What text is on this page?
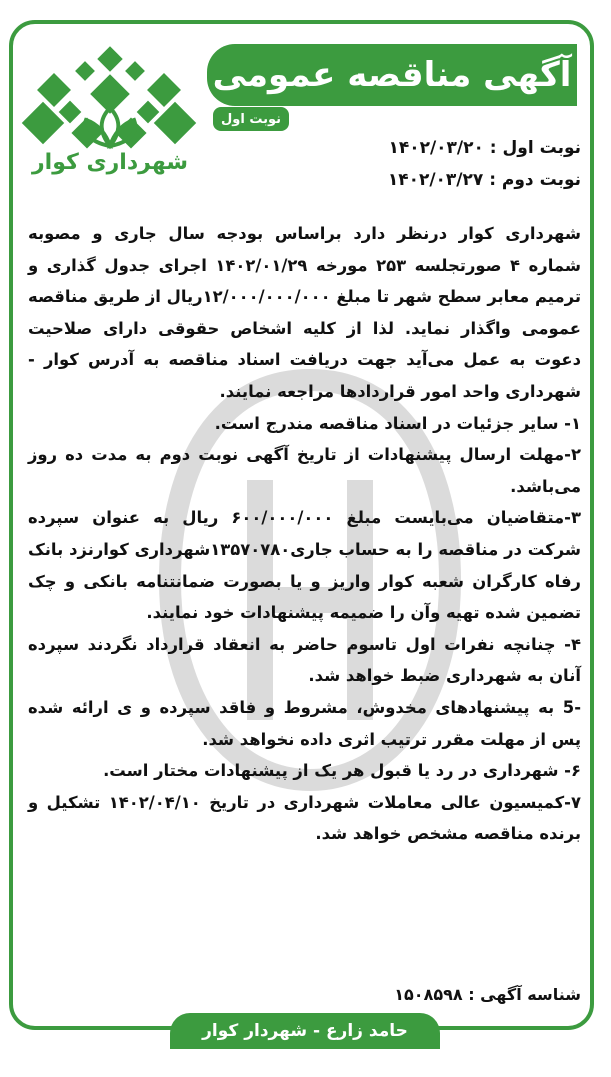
شهرداری کوار
آگهی مناقصه عمومی
نوبت اول
نوبت اول : ۱۴۰۲/۰۳/۲۰
نوبت دوم : ۱۴۰۲/۰۳/۲۷

شهرداری کوار درنظر دارد براساس بودجه سال جاری و مصوبه شماره ۴ صورتجلسه ۲۵۳ مورخه ۱۴۰۲/۰۱/۲۹ اجرای جدول گذاری و ترمیم معابر سطح شهر تا مبلغ ۱۲/۰۰۰/۰۰۰/۰۰۰ریال از طریق مناقصه عمومی واگذار نماید. لذا از کلیه اشخاص حقوقی دارای صلاحیت دعوت به عمل می‌آید جهت دریافت اسناد مناقصه به آدرس کوار - شهرداری واحد امور قراردادها مراجعه نمایند.

۱- سایر جزئیات در اسناد مناقصه مندرج است.

۲-مهلت ارسال پیشنهادات از تاریخ آگهی نوبت دوم به مدت ده روز می‌باشد.

۳-متقاضیان می‌بایست مبلغ ۶۰۰/۰۰۰/۰۰۰ ریال به عنوان سپرده شرکت در مناقصه را به حساب جاری۱۳۵۷۰۷۸۰شهرداری کوارنزد بانک رفاه کارگران شعبه کوار واریز و یا بصورت ضمانتنامه بانکی و چک تضمین شده تهیه وآن را ضمیمه پیشنهادات خود نمایند.

۴- چنانچه نفرات اول تاسوم حاضر به انعقاد قرارداد نگردند سپرده آنان به شهرداری ضبط خواهد شد.

-5 به پیشنهادهای مخدوش، مشروط و فاقد سپرده و ی ارائه شده پس از مهلت مقرر ترتیب اثری داده نخواهد شد.

۶- شهرداری در رد یا قبول هر یک از پیشنهادات مختار است.

۷-کمیسیون عالی معاملات شهرداری در تاریخ ۱۴۰۲/۰۴/۱۰ تشکیل و برنده مناقصه مشخص خواهد شد.

شناسه آگهی : ۱۵۰۸۵۹۸
حامد زارع - شهردار کوار
